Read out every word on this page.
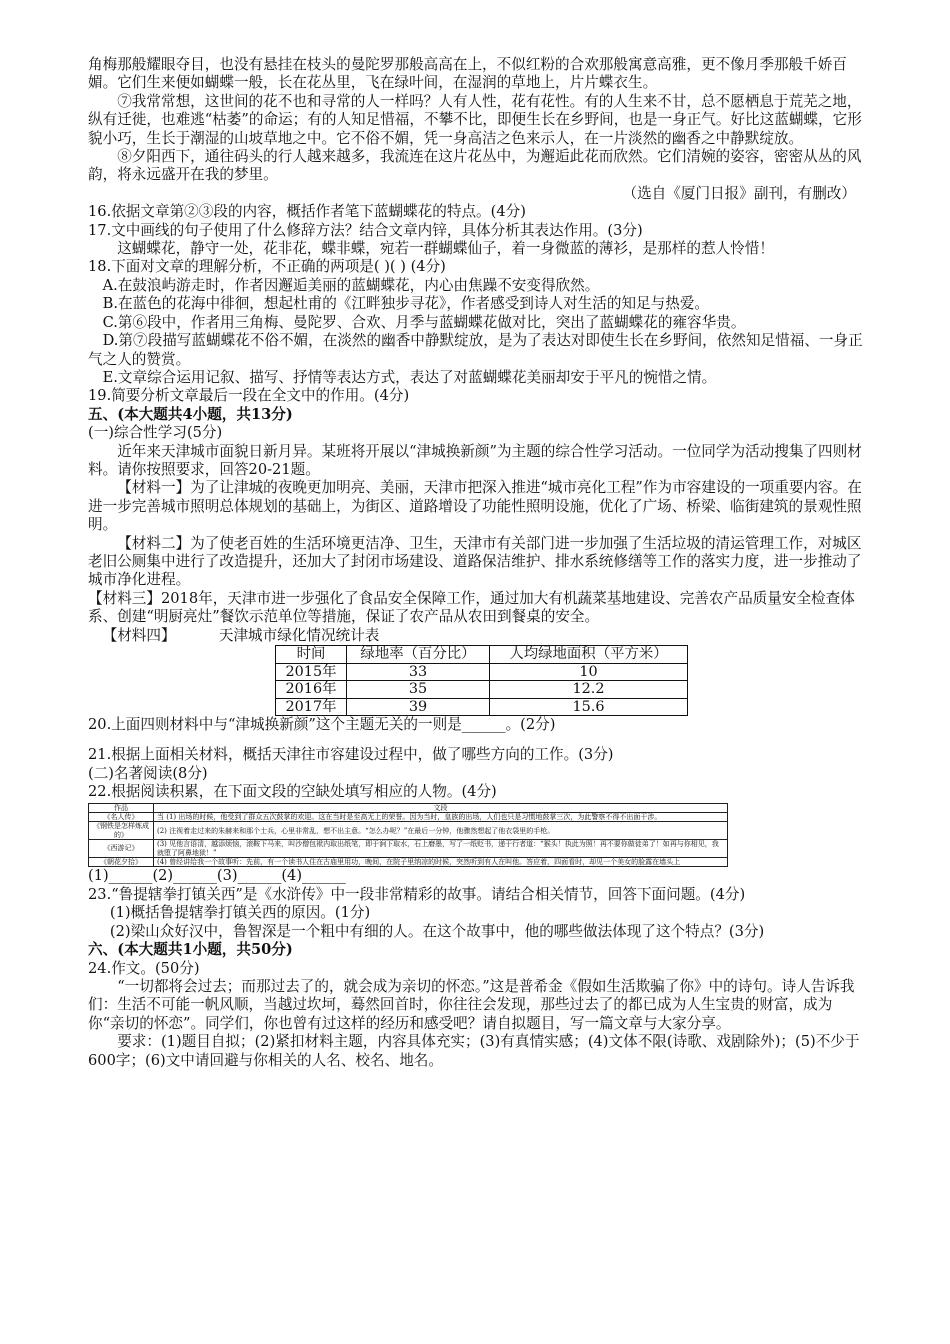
角梅那般耀眼夺目，也没有悬挂在枝头的曼陀罗那般高高在上，不似红粉的合欢那般寓意高雅，更不像月季那般千娇百媚。它们生来便如蝴蝶一般，长在花丛里，飞在绿叶间，在湿润的草地上，片片蝶衣生。

⑦我常常想，这世间的花不也和寻常的人一样吗？人有人性，花有花性。有的人生来不甘，总不愿栖息于荒芜之地，纵有迁徙，也难逃“枯萎”的命运；有的人知足惜福，不攀不比，即便生长在乡野间，也是一身正气。好比这蓝蝴蝶，它形貌小巧，生长于潮湿的山坡草地之中。它不俗不媚，凭一身高洁之色来示人，在一片淡然的幽香之中静默绽放。

⑧夕阳西下，通往码头的行人越来越多，我流连在这片花丛中，为邂逅此花而欣然。它们清婉的姿容，密密从丛的风韵，将永远盛开在我的梦里。

（选自《厦门日报》副刊，有删改）

16.依据文章第②③段的内容，概括作者笔下蓝蝴蝶花的特点。(4分)

17.文中画线的句子使用了什么修辞方法？结合文章内锌，具体分析其表达作用。(3分)

这蝴蝶花，静守一处，花非花，蝶非蝶，宛若一群蝴蝶仙子，着一身微蓝的薄衫，是那样的惹人怜惜！

18.下面对文章的理解分析，不正确的两项是( )( ) (4分)

A.在鼓浪屿游走时，作者因邂逅美丽的蓝蝴蝶花，内心由焦躁不安变得欣然。

B.在蓝色的花海中徘徊，想起杜甫的《江畔独步寻花》，作者感受到诗人对生活的知足与热爱。

C.第⑥段中，作者用三角梅、曼陀罗、合欢、月季与蓝蝴蝶花做对比，突出了蓝蝴蝶花的雍容华贵。

D.第⑦段描写蓝蝴蝶花不俗不媚，在淡然的幽香中静默绽放，是为了表达对即使生长在乡野间，依然知足惜福、一身正气之人的赞赏。

E.文章综合运用记叙、描写、抒情等表达方式，表达了对蓝蝴蝶花美丽却安于平凡的惋惜之情。

19.简要分析文章最后一段在全文中的作用。(4分)

五、(本大题共4小题，共13分)

(一)综合性学习(5分)

近年来天津城市面貌日新月异。某班将开展以“津城换新颜”为主题的综合性学习活动。一位同学为活动搜集了四则材料。请你按照要求，回答20-21题。

【材料一】为了让津城的夜晚更加明亮、美丽，天津市把深入推进“城市亮化工程”作为市容建设的一项重要内容。在进一步完善城市照明总体规划的基础上，为街区、道路增设了功能性照明设施，优化了广场、桥梁、临街建筑的景观性照明。

【材料二】为了使老百姓的生活环境更洁净、卫生，天津市有关部门进一步加强了生活垃圾的清运管理工作，对城区老旧公厕集中进行了改造提升，还加大了封闭市场建设、道路保洁维护、排水系统修缮等工作的落实力度，进一步推动了城市净化进程。

【材料三】2018年，天津市进一步强化了食品安全保障工作，通过加大有机蔬菜基地建设、完善农产品质量安全检查体系、创建“明厨亮灶”餐饮示范单位等措施，保证了农产品从农田到餐桌的安全。

【材料四】	天津城市绿化情况统计表

时间	绿地率（百分比）	人均绿地面积（平方米）
2015年	33	10
2016年	35	12.2
2017年	39	15.6

20.上面四则材料中与“津城换新颜”这个主题无关的一则是______。(2分)

21.根据上面相关材料，概括天津往市容建设过程中，做了哪些方向的工作。(3分)

(二)名著阅读(8分)

22.根据阅读积累，在下面文段的空缺处填写相应的人物。(4分)

作品	文段
《名人传》	当 (1) 出场的时候，他受到了群众五次鼓掌的欢迎。这在当时是至高无上的荣誉。因为当时，皇族的出场，人们也只是习惯地鼓掌三次，为此警察不得不出面干涉。
《钢铁是怎样炼成的》	(2) 注视着走过来的朱赫来和那个士兵，心里非常乱，想不出主意。“怎么办呢？”在最后一分钟，他骤然想起了他衣袋里的手枪。
《西游记》	(3) 见他言语清，越添烦恼，滚鞍下马来，叫沙僧包袱内取出纸笔，即于涧下取水，石上磨墨，写了一纸贬书，递于行者道：“猴头！执此为照！再不要你做徒弟了！如再与你相见，我就堕了阿鼻地狱！”
《朝花夕拾》	(4) 曾经讲给我一个故事听：先前，有一个读书人住在古庙里用功，晚间，在院子里纳凉的时候，突然听到有人在叫他。答应着，四面看时，却见一个美女的脸露在墙头上

(1)______(2)______(3)______(4)______

23.“鲁提辖拳打镇关西”是《水浒传》中一段非常精彩的故事。请结合相关情节，回答下面问题。(4分)

(1)概括鲁提辖拳打镇关西的原因。(1分)

(2)梁山众好汉中，鲁智深是一个粗中有细的人。在这个故事中，他的哪些做法体现了这个特点？(3分)

六、(本大题共1小题，共50分)

24.作文。(50分)

“一切都将会过去；而那过去了的，就会成为亲切的怀恋。”这是普希金《假如生活欺骗了你》中的诗句。诗人告诉我们：生活不可能一帆风顺，当越过坎坷，蓦然回首时，你往往会发现，那些过去了的都已成为人生宝贵的财富，成为你“亲切的怀恋”。同学们，你也曾有过这样的经历和感受吧？请自拟题目，写一篇文章与大家分享。

要求：(1)题目自拟；(2)紧扣材料主题，内容具体充实；(3)有真情实感；(4)文体不限(诗歌、戏剧除外)；(5)不少于600字；(6)文中请回避与你相关的人名、校名、地名。
